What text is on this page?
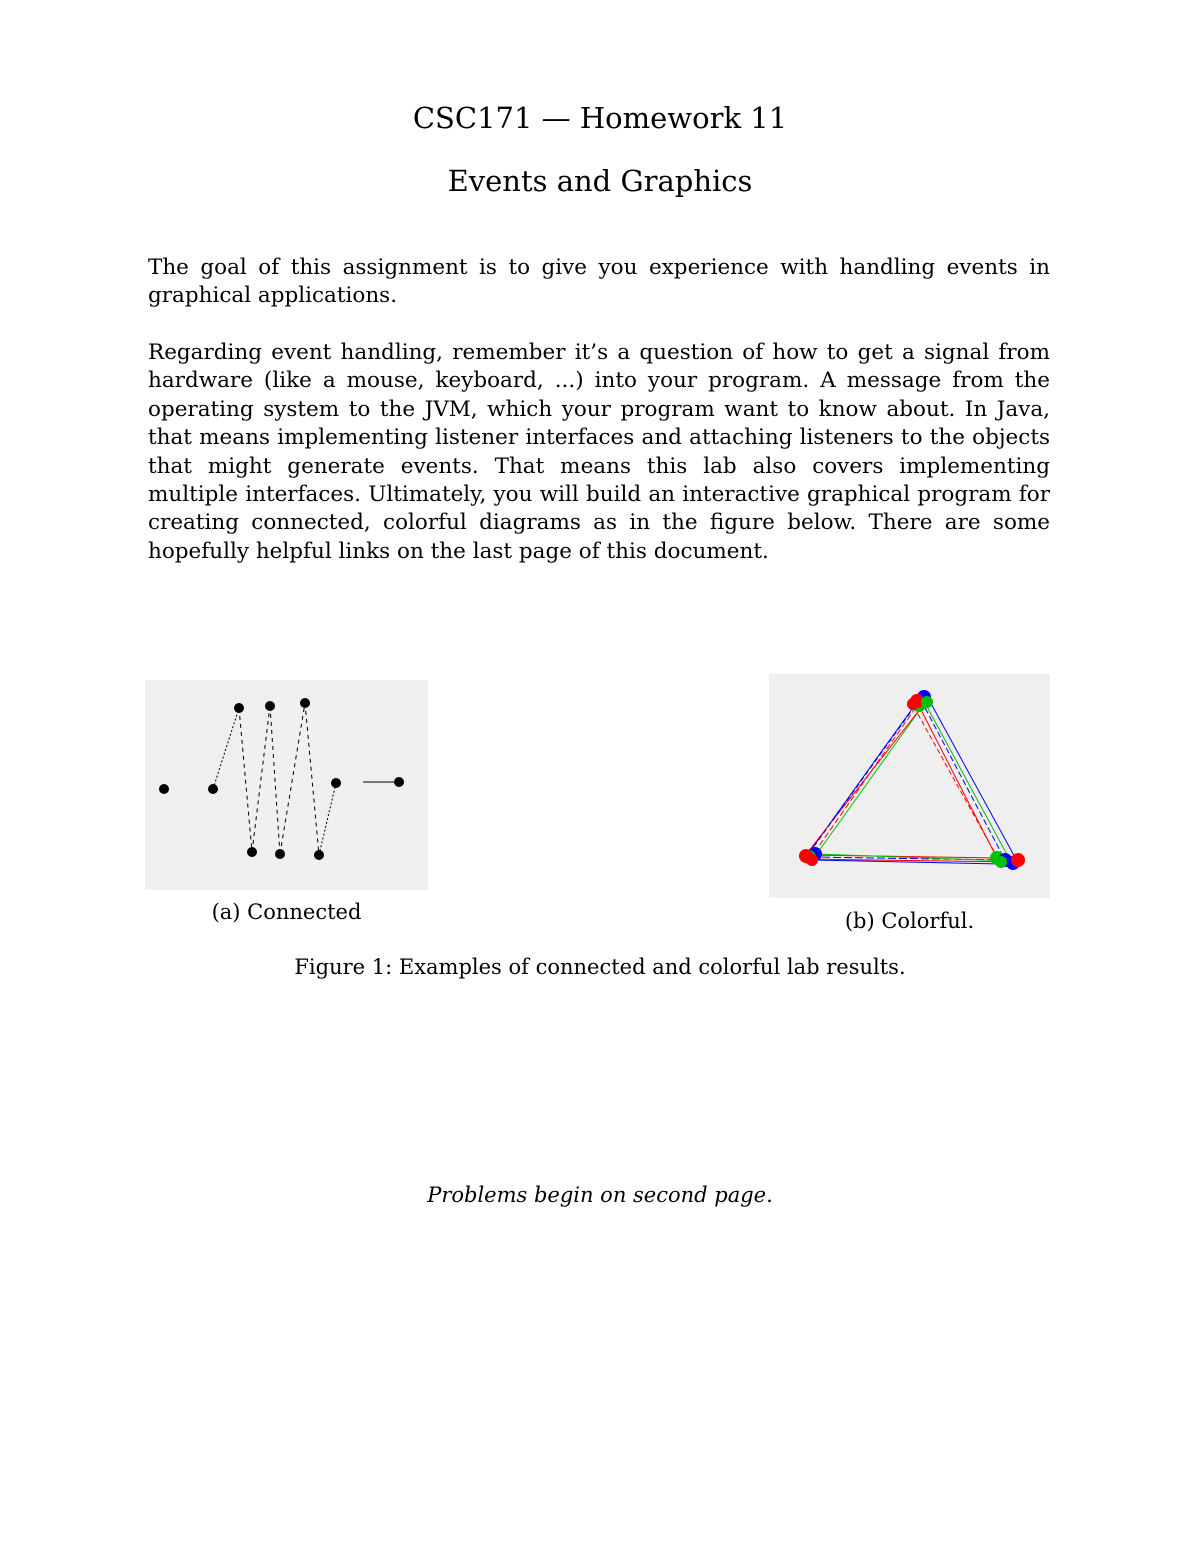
CSC171 — Homework 11
Events and Graphics

The goal of this assignment is to give you experience with handling events in graphical applications.

Regarding event handling, remember it’s a question of how to get a signal from hardware (like a mouse, keyboard, ...) into your program. A message from the operating system to the JVM, which your program want to know about. In Java, that means implementing listener interfaces and attaching listeners to the objects that might generate events. That means this lab also covers implementing multiple interfaces. Ultimately, you will build an interactive graphical program for creating connected, colorful diagrams as in the figure below. There are some hopefully helpful links on the last page of this document.

(a) Connected	(b) Colorful.

Figure 1: Examples of connected and colorful lab results.

Problems begin on second page.
